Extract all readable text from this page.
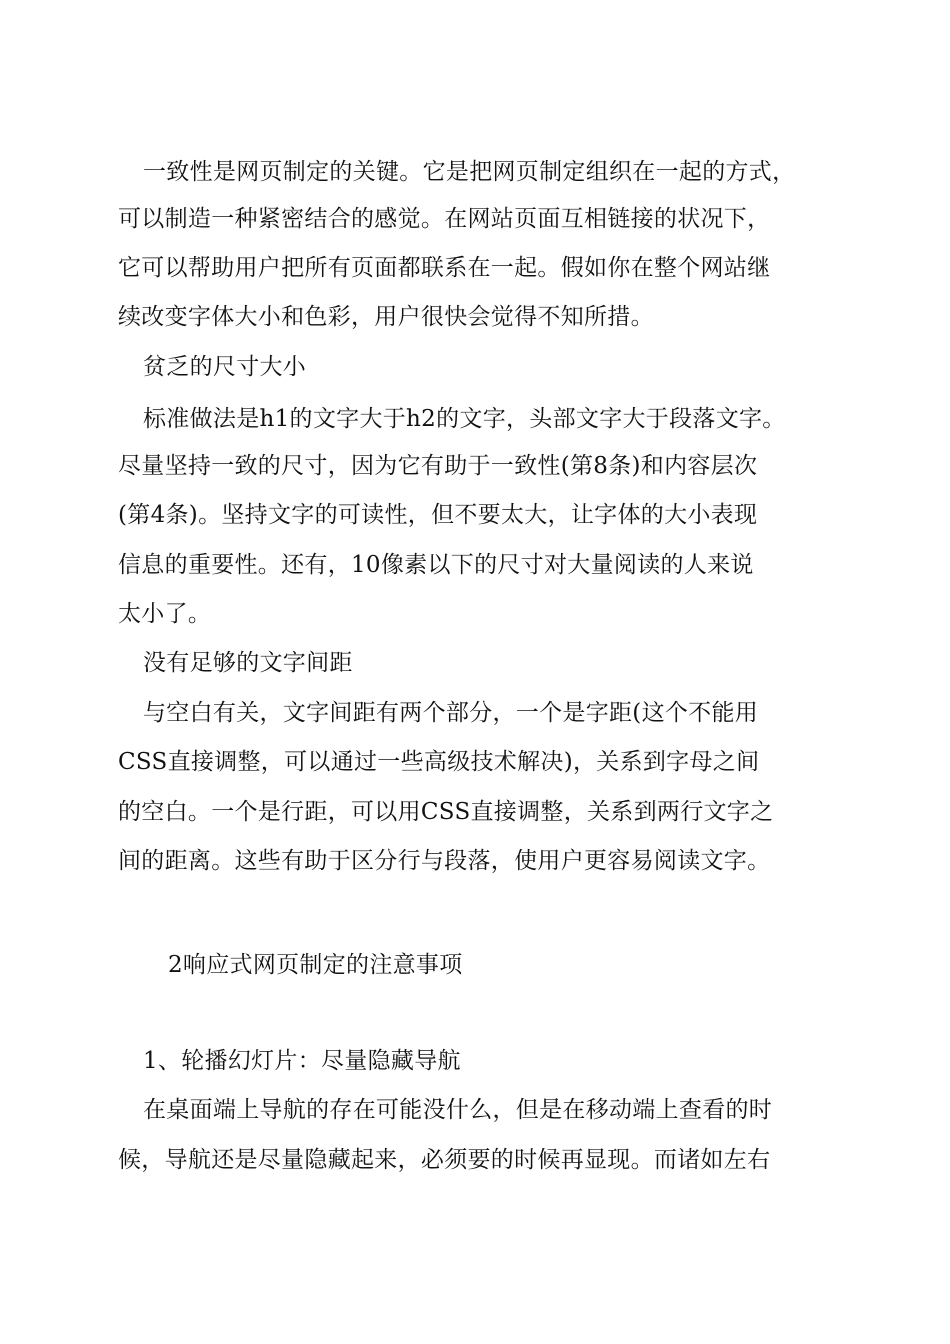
一致性是网页制定的关键。它是把网页制定组织在一起的方式，
可以制造一种紧密结合的感觉。在网站页面互相链接的状况下，
它可以帮助用户把所有页面都联系在一起。假如你在整个网站继
续改变字体大小和色彩，用户很快会觉得不知所措。
贫乏的尺寸大小
标准做法是h1的文字大于h2的文字，头部文字大于段落文字。
尽量坚持一致的尺寸，因为它有助于一致性(第8条)和内容层次
(第4条)。坚持文字的可读性，但不要太大，让字体的大小表现
信息的重要性。还有，10像素以下的尺寸对大量阅读的人来说
太小了。
没有足够的文字间距
与空白有关，文字间距有两个部分，一个是字距(这个不能用
CSS直接调整，可以通过一些高级技术解决)，关系到字母之间
的空白。一个是行距，可以用CSS直接调整，关系到两行文字之
间的距离。这些有助于区分行与段落，使用户更容易阅读文字。
2响应式网页制定的注意事项
1、轮播幻灯片：尽量隐藏导航
在桌面端上导航的存在可能没什么，但是在移动端上查看的时
候，导航还是尽量隐藏起来，必须要的时候再显现。而诸如左右
